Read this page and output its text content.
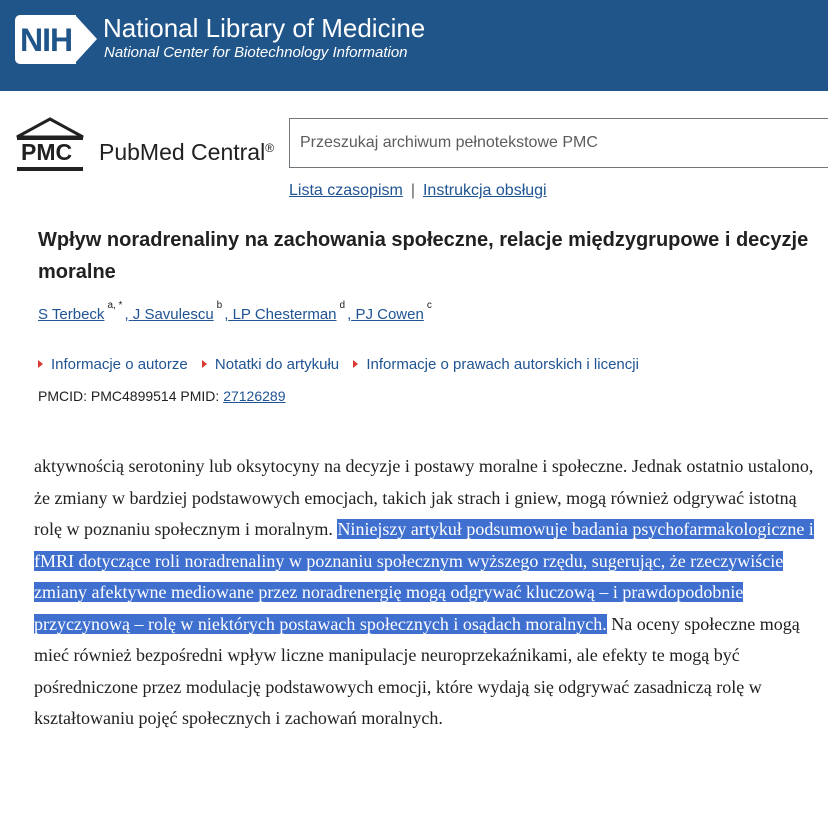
NIH National Library of Medicine
National Center for Biotechnology Information
PMC PubMed Central®
Przeszukaj archiwum pełnotekstowe PMC
Lista czasopism | Instrukcja obsługi
Wpływ noradrenaliny na zachowania społeczne, relacje międzygrupowe i decyzje moralne
S Terbeck$^{a, *}$, J Savulescu$^b$, LP Chesterman$^d$, PJ Cowen$^c$
Informacje o autorze Notatki do artykułu Informacje o prawach autorskich i licencji
PMCID: PMC4899514 PMID: 27126289

aktywnością serotoniny lub oksytocyny na decyzje i postawy moralne i społeczne. Jednak ostatnio ustalono, że zmiany w bardziej podstawowych emocjach, takich jak strach i gniew, mogą również odgrywać istotną rolę w poznaniu społecznym i moralnym. Niniejszy artykuł podsumowuje badania psychofarmakologiczne i fMRI dotyczące roli noradrenaliny w poznaniu społecznym wyższego rzędu, sugerując, że rzeczywiście zmiany afektywne mediowane przez noradrenergię mogą odgrywać kluczową – i prawdopodobnie przyczynową – rolę w niektórych postawach społecznych i osądach moralnych. Na oceny społeczne mogą mieć również bezpośredni wpływ liczne manipulacje neuroprzekaźnikami, ale efekty te mogą być pośredniczone przez modulację podstawowych emocji, które wydają się odgrywać zasadniczą rolę w kształtowaniu pojęć społecznych i zachowań moralnych.
